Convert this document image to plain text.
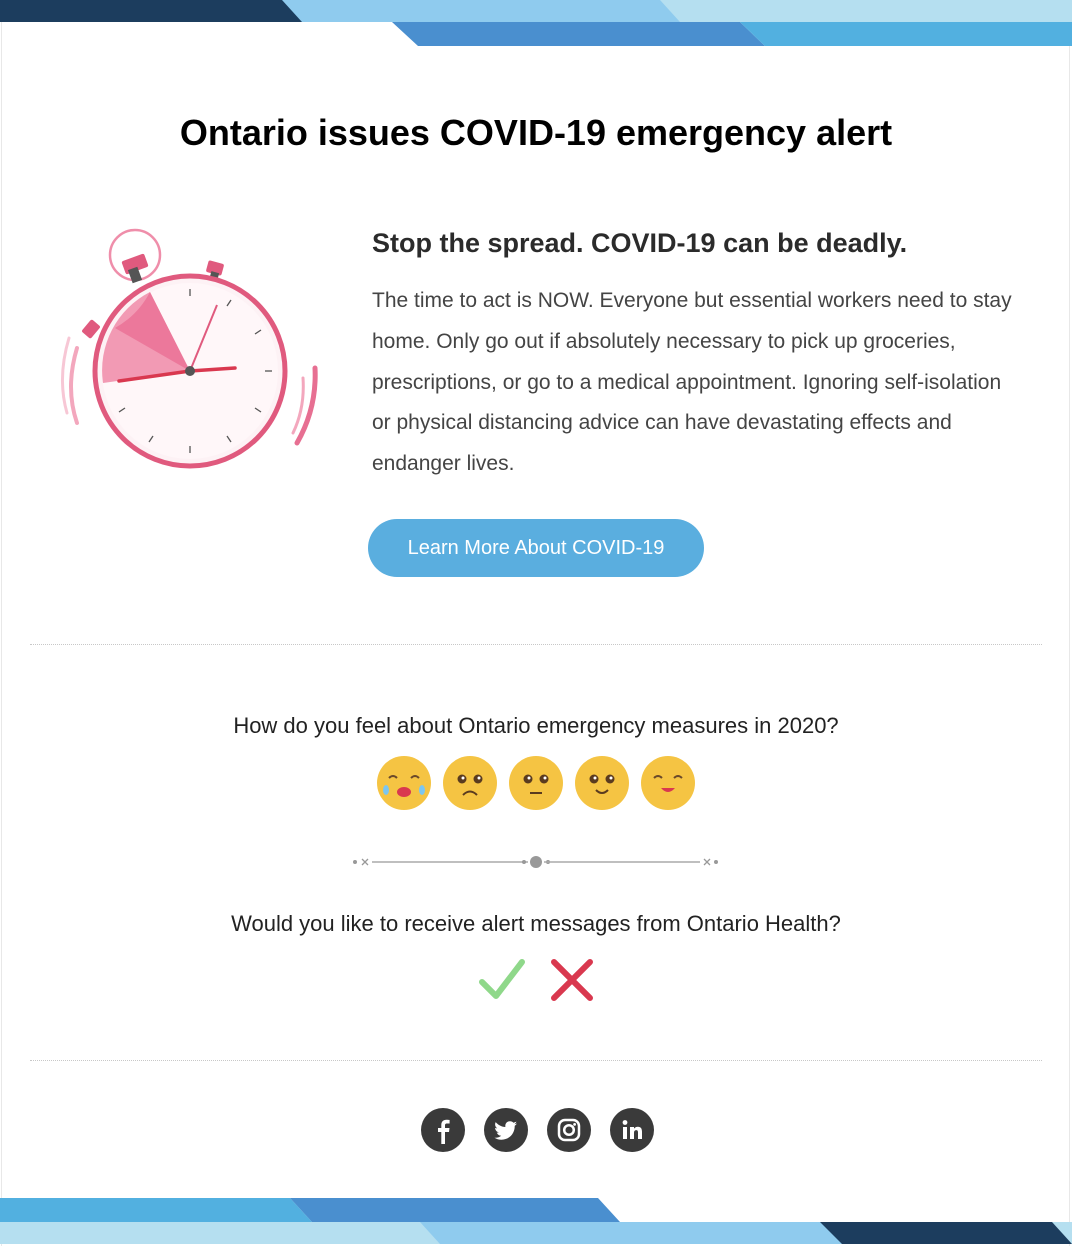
Ontario issues COVID-19 emergency alert
Stop the spread. COVID-19 can be deadly.

The time to act is NOW. Everyone but essential workers need to stay home. Only go out if absolutely necessary to pick up groceries, prescriptions, or go to a medical appointment. Ignoring self-isolation or physical distancing advice can have devastating effects and endanger lives.

Learn More About COVID-19

How do you feel about Ontario emergency measures in 2020?

Would you like to receive alert messages from Ontario Health?
